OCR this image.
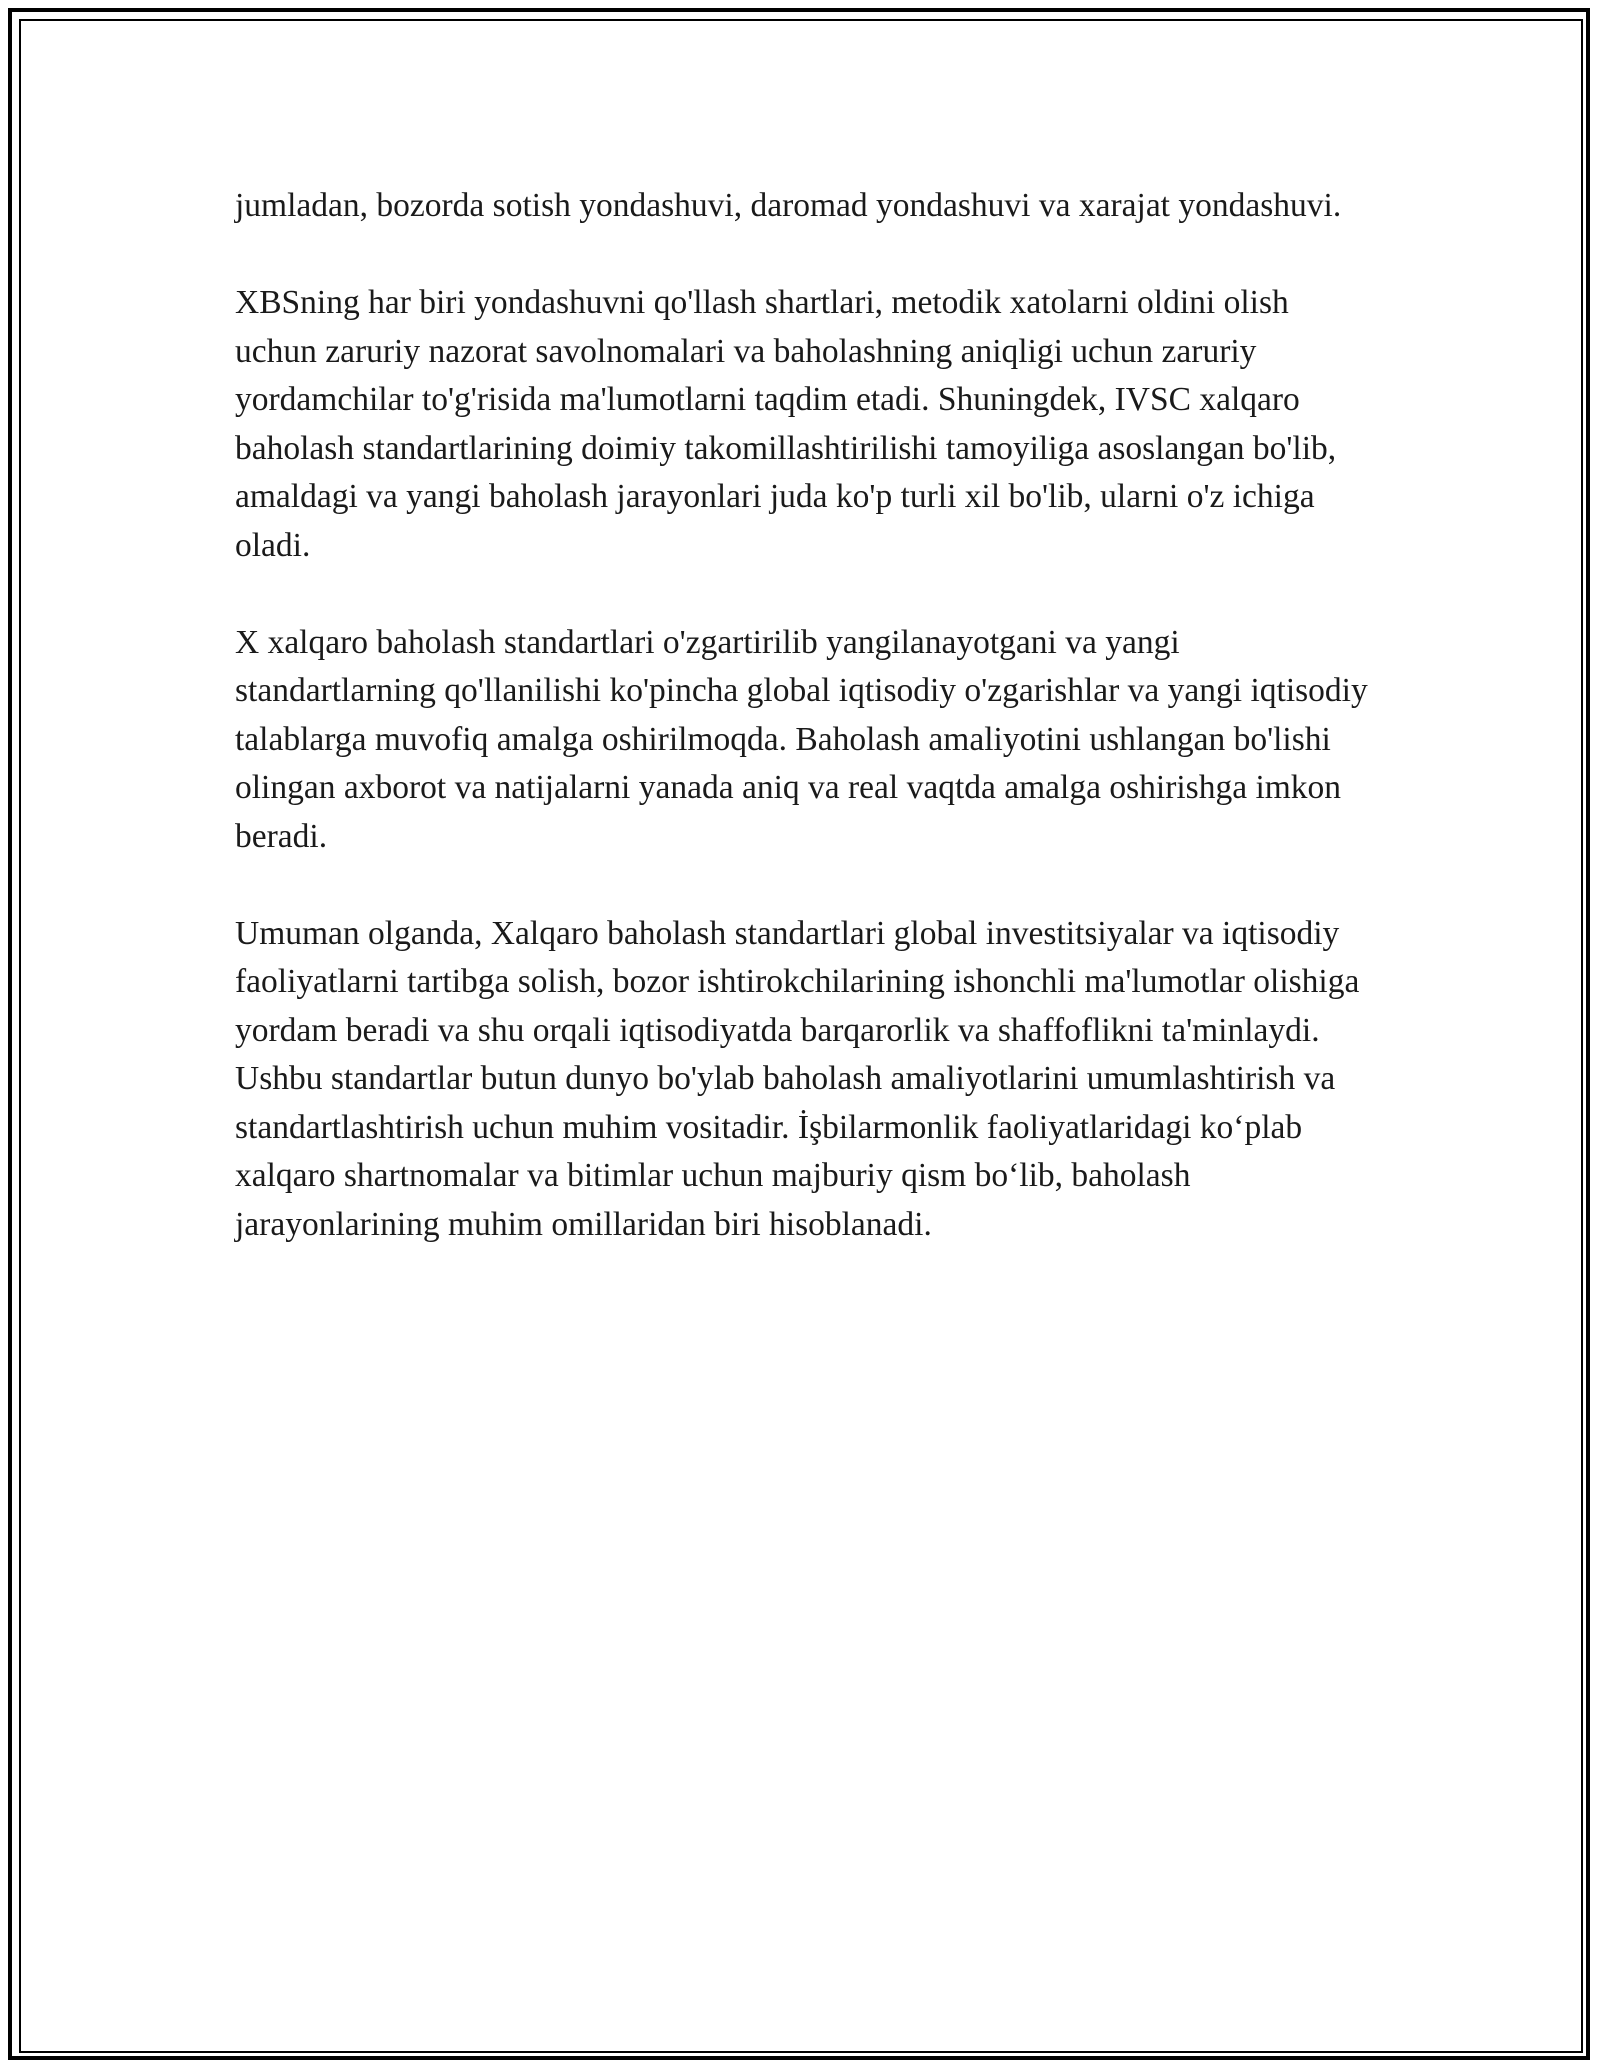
jumladan, bozorda sotish yondashuvi, daromad yondashuvi va xarajat yondashuvi.

XBSning har biri yondashuvni qo'llash shartlari, metodik xatolarni oldini olish uchun zaruriy nazorat savolnomalari va baholashning aniqligi uchun zaruriy yordamchilar to'g'risida ma'lumotlarni taqdim etadi. Shuningdek, IVSC xalqaro baholash standartlarining doimiy takomillashtirilishi tamoyiliga asoslangan bo'lib, amaldagi va yangi baholash jarayonlari juda ko'p turli xil bo'lib, ularni o'z ichiga oladi.

X xalqaro baholash standartlari o'zgartirilib yangilanayotgani va yangi standartlarning qo'llanilishi ko'pincha global iqtisodiy o'zgarishlar va yangi iqtisodiy talablarga muvofiq amalga oshirilmoqda. Baholash amaliyotini ushlangan bo'lishi olingan axborot va natijalarni yanada aniq va real vaqtda amalga oshirishga imkon beradi.

Umuman olganda, Xalqaro baholash standartlari global investitsiyalar va iqtisodiy faoliyatlarni tartibga solish, bozor ishtirokchilarining ishonchli ma'lumotlar olishiga yordam beradi va shu orqali iqtisodiyatda barqarorlik va shaffoflikni ta'minlaydi. Ushbu standartlar butun dunyo bo'ylab baholash amaliyotlarini umumlashtirish va standartlashtirish uchun muhim vositadir. İşbilarmonlik faoliyatlaridagi ko‘plab xalqaro shartnomalar va bitimlar uchun majburiy qism bo‘lib, baholash jarayonlarining muhim omillaridan biri hisoblanadi.
